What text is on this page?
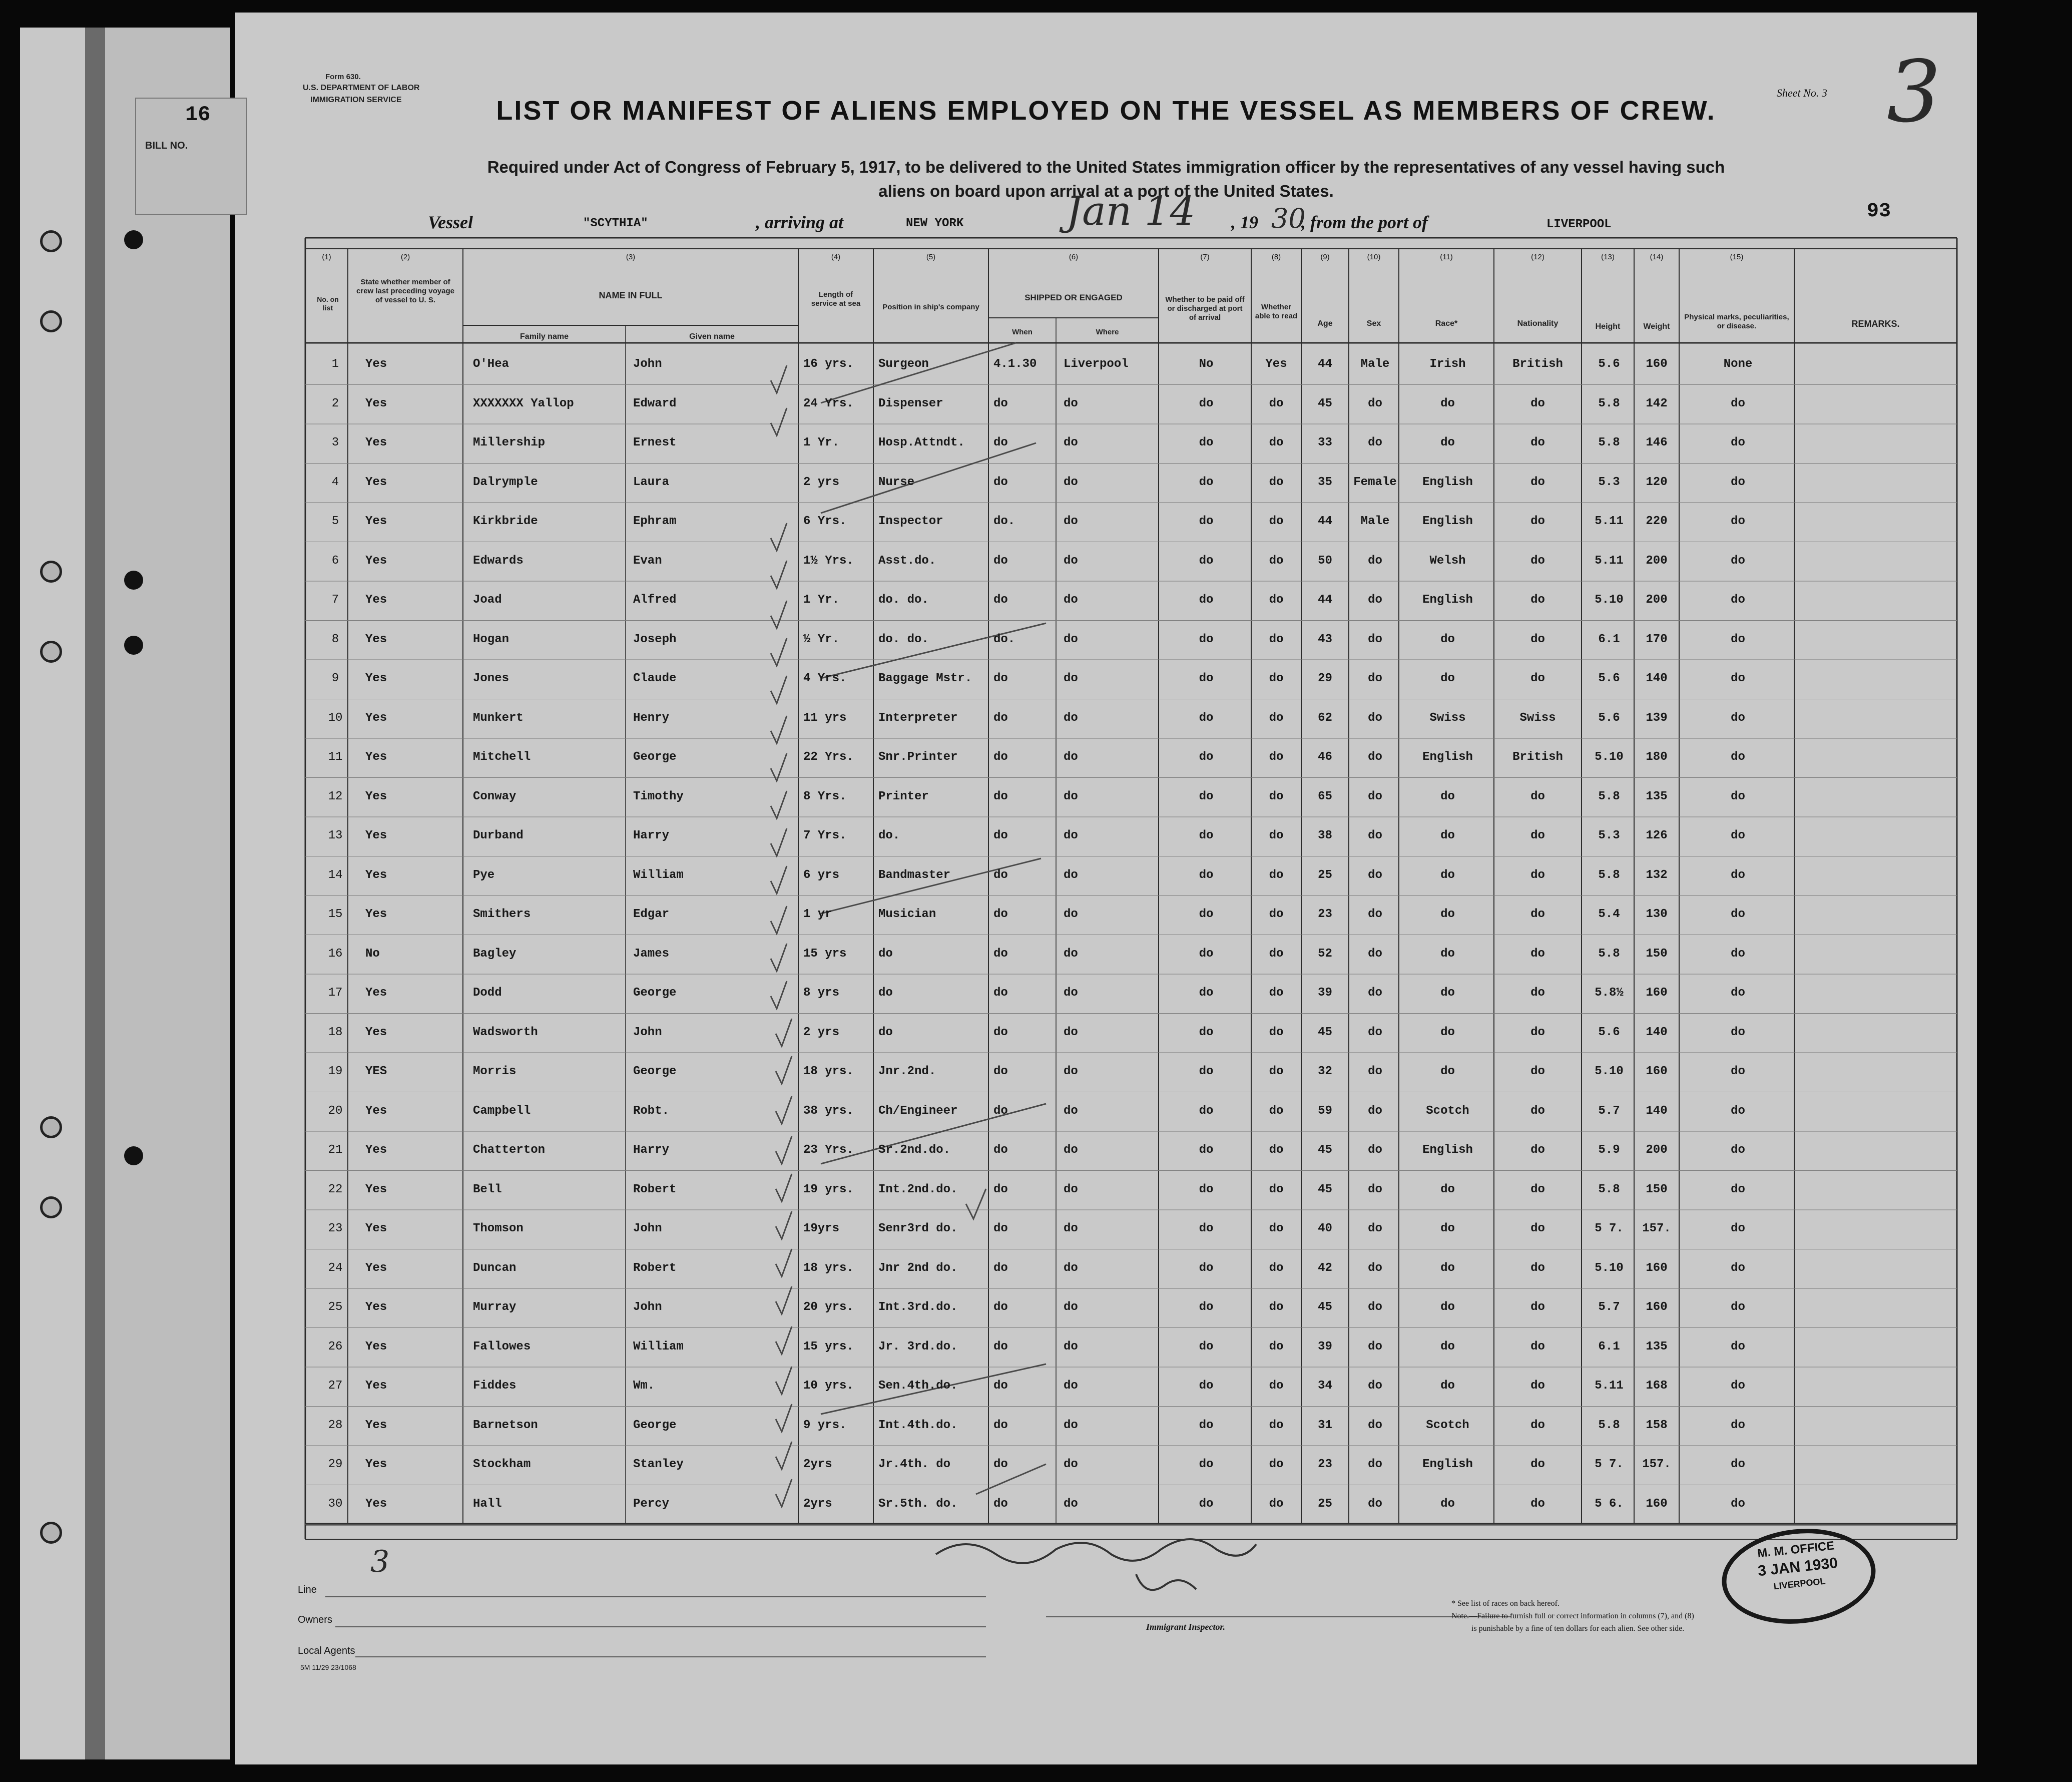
16
BILL NO.
Form 630.
U.S. DEPARTMENT OF LABOR
IMMIGRATION SERVICE
Sheet No. 3 3
93
LIST OR MANIFEST OF ALIENS EMPLOYED ON THE VESSEL AS MEMBERS OF CREW.
Required under Act of Congress of February 5, 1917, to be delivered to the United States immigration officer by the representatives of any vessel having such
aliens on board upon arrival at a port of the United States.
Vessel	"SCYTHIA"	, arriving at	NEW YORK	Jan 14 , 19 30
, from the port of	LIVERPOOL
(1)	(2)	(3)	(4)	(5)	(6)	(7)	(8)	(9)	(10)	(11)	(12)	(13)	(14)	(15)
No. on list
State whether member of crew last preceding voyage of vessel to U. S.	NAME IN FULL
Family name	Given name
Length of service at sea	Position in ship's company
SHIPPED OR ENGAGED
When	Where
Whether to be paid off or discharged at port of arrival
Whether able to read
Age	Sex	Race*	Nationality	Height	Weight
Physical marks, peculiarities, or disease.	REMARKS.
1	Yes	O'Hea	John	16 yrs.	Surgeon	4.1.30	Liverpool	No	Yes	44	Male	Irish	British	5.6	160	None
2	Yes	XXXXXXX Yallop	Edward	24 Yrs.	Dispenser	do	do	do	do	45	do	do	do	5.8	142	do
3	Yes	Millership	Ernest	1 Yr.	Hosp.Attndt.	do	do	do	do	33	do	do	do	5.8	146	do
4	Yes	Dalrymple	Laura	2 yrs	Nurse	do	do	do	do	35	Female	English	do	5.3	120	do
5	Yes	Kirkbride	Ephram	6 Yrs.	Inspector	do.	do	do	do	44	Male	English	do	5.11	220	do
6	Yes	Edwards	Evan	1½ Yrs.	Asst.do.	do	do	do	do	50	do	Welsh	do	5.11	200	do
7	Yes	Joad	Alfred	1 Yr.	do. do.	do	do	do	do	44	do	English	do	5.10	200	do
8	Yes	Hogan	Joseph	½ Yr.	do. do.	do.	do	do	do	43	do	do	do	6.1	170	do
9	Yes	Jones	Claude	4 Yrs.	Baggage Mstr.	do	do	do	do	29	do	do	do	5.6	140	do
10	Yes	Munkert	Henry	11 yrs	Interpreter	do	do	do	do	62	do	Swiss	Swiss	5.6	139	do
11	Yes	Mitchell	George	22 Yrs.	Snr.Printer	do	do	do	do	46	do	English	British	5.10	180	do
12	Yes	Conway	Timothy	8 Yrs.	Printer	do	do	do	do	65	do	do	do	5.8	135	do
13	Yes	Durband	Harry	7 Yrs.	do.	do	do	do	do	38	do	do	do	5.3	126	do
14	Yes	Pye	William	6 yrs	Bandmaster	do	do	do	do	25	do	do	do	5.8	132	do
15	Yes	Smithers	Edgar	1 yr	Musician	do	do	do	do	23	do	do	do	5.4	130	do
16	No	Bagley	James	15 yrs	do	do	do	do	do	52	do	do	do	5.8	150	do
17	Yes	Dodd	George	8 yrs	do	do	do	do	do	39	do	do	do	5.8½	160	do
18	Yes	Wadsworth	John	2 yrs	do	do	do	do	do	45	do	do	do	5.6	140	do
19	YES	Morris	George	18 yrs.	Jnr.2nd.	do	do	do	do	32	do	do	do	5.10	160	do
20	Yes	Campbell	Robt.	38 yrs.	Ch/Engineer	do	do	do	do	59	do	Scotch	do	5.7	140	do
21	Yes	Chatterton	Harry	23 Yrs.	Sr.2nd.do.	do	do	do	do	45	do	English	do	5.9	200	do
22	Yes	Bell	Robert	19 yrs.	Int.2nd.do.	do	do	do	do	45	do	do	do	5.8	150	do
23	Yes	Thomson	John	19yrs	Senr3rd do.	do	do	do	do	40	do	do	do	5 7.	157.	do
24	Yes	Duncan	Robert	18 yrs.	Jnr 2nd do.	do	do	do	do	42	do	do	do	5.10	160	do
25	Yes	Murray	John	20 yrs.	Int.3rd.do.	do	do	do	do	45	do	do	do	5.7	160	do
26	Yes	Fallowes	William	15 yrs.	Jr. 3rd.do.	do	do	do	do	39	do	do	do	6.1	135	do
27	Yes	Fiddes	Wm.	10 yrs.	Sen.4th.do.	do	do	do	do	34	do	do	do	5.11	168	do
28	Yes	Barnetson	George	9 yrs.	Int.4th.do.	do	do	do	do	31	do	Scotch	do	5.8	158	do
29	Yes	Stockham	Stanley	2yrs	Jr.4th. do	do	do	do	do	23	do	English	do	5 7.	157.	do
30	Yes	Hall	Percy	2yrs	Sr.5th. do.	do	do	do	do	25	do	do	do	5 6.	160	do
3
Line
Owners
Local Agents
5M 11/29 23/1068
Immigrant Inspector.
* See list of races on back hereof.
Note.—Failure to furnish full or correct information in columns (7), and (8)
is punishable by a fine of ten dollars for each alien. See other side.
M. M. OFFICE
3 JAN 1930
LIVERPOOL
